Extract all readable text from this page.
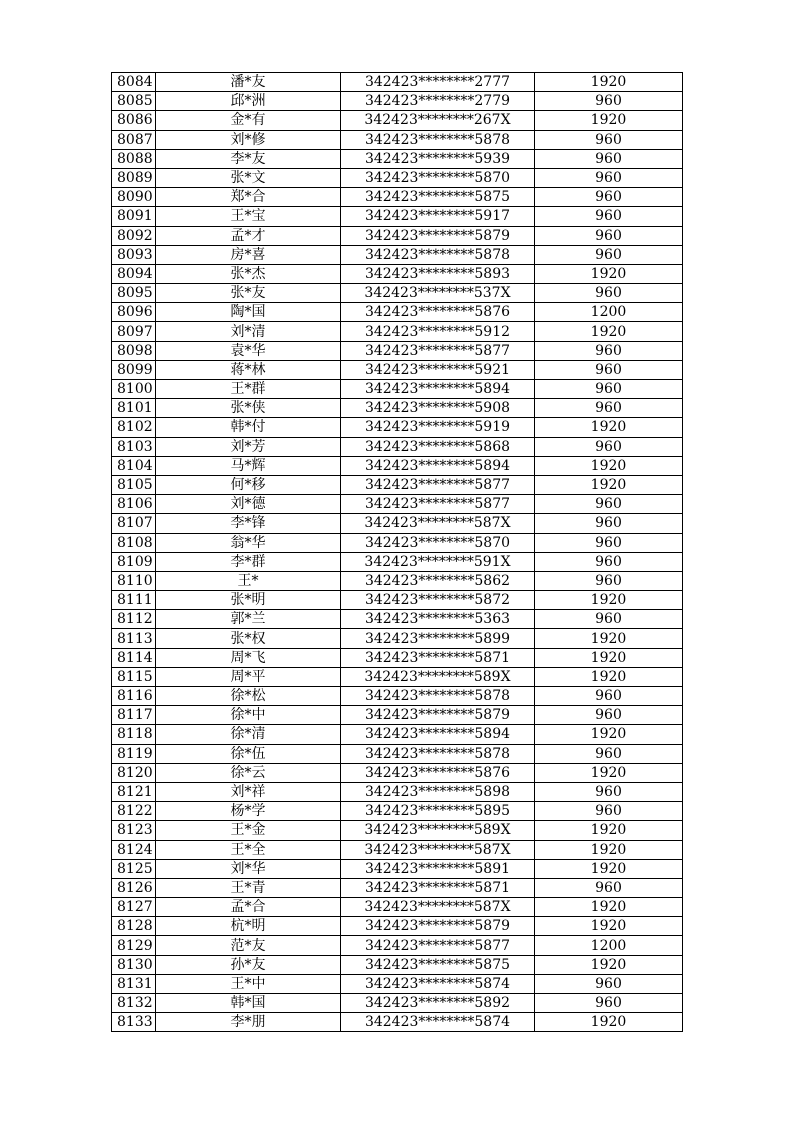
8084	潘*友	342423********2777	1920
8085	邱*洲	342423********2779	960
8086	金*有	342423********267X	1920
8087	刘*修	342423********5878	960
8088	李*友	342423********5939	960
8089	张*文	342423********5870	960
8090	郑*合	342423********5875	960
8091	王*宝	342423********5917	960
8092	孟*才	342423********5879	960
8093	房*喜	342423********5878	960
8094	张*杰	342423********5893	1920
8095	张*友	342423********537X	960
8096	陶*国	342423********5876	1200
8097	刘*清	342423********5912	1920
8098	袁*华	342423********5877	960
8099	蒋*林	342423********5921	960
8100	王*群	342423********5894	960
8101	张*侠	342423********5908	960
8102	韩*付	342423********5919	1920
8103	刘*芳	342423********5868	960
8104	马*辉	342423********5894	1920
8105	何*移	342423********5877	1920
8106	刘*德	342423********5877	960
8107	李*锋	342423********587X	960
8108	翁*华	342423********5870	960
8109	李*群	342423********591X	960
8110	王*	342423********5862	960
8111	张*明	342423********5872	1920
8112	郭*兰	342423********5363	960
8113	张*权	342423********5899	1920
8114	周*飞	342423********5871	1920
8115	周*平	342423********589X	1920
8116	徐*松	342423********5878	960
8117	徐*中	342423********5879	960
8118	徐*清	342423********5894	1920
8119	徐*伍	342423********5878	960
8120	徐*云	342423********5876	1920
8121	刘*祥	342423********5898	960
8122	杨*学	342423********5895	960
8123	王*金	342423********589X	1920
8124	王*全	342423********587X	1920
8125	刘*华	342423********5891	1920
8126	王*青	342423********5871	960
8127	孟*合	342423********587X	1920
8128	杭*明	342423********5879	1920
8129	范*友	342423********5877	1200
8130	孙*友	342423********5875	1920
8131	王*中	342423********5874	960
8132	韩*国	342423********5892	960
8133	李*朋	342423********5874	1920
